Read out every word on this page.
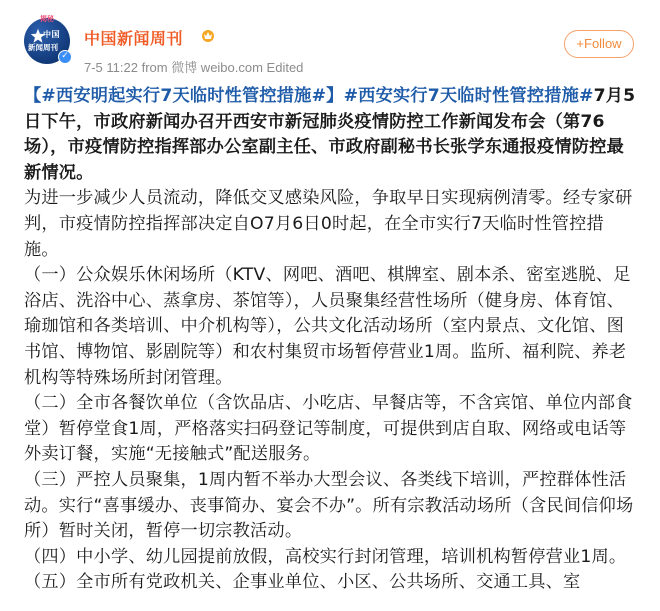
中国
新闻周刊
揭秘
✓
中国新闻周刊
7-5 11:22 from 微博 weibo.com Edited
+Follow

【#西安明起实行7天临时性管控措施#】#西安实行7天临时性管控措施#7月5日下午，市政府新闻办召开西安市新冠肺炎疫情防控工作新闻发布会（第76场），市疫情防控指挥部办公室副主任、市政府副秘书长张学东通报疫情防控最新情况。

为进一步减少人员流动，降低交叉感染风险，争取早日实现病例清零。经专家研判，市疫情防控指挥部决定自O7月6日0时起，在全市实行7天临时性管控措施。

（一）公众娱乐休闲场所（KTV、网吧、酒吧、棋牌室、剧本杀、密室逃脱、足浴店、洗浴中心、蒸拿房、茶馆等），人员聚集经营性场所（健身房、体育馆、瑜珈馆和各类培训、中介机构等），公共文化活动场所（室内景点、文化馆、图书馆、博物馆、影剧院等）和农村集贸市场暂停营业1周。监所、福利院、养老机构等特殊场所封闭管理。

（二）全市各餐饮单位（含饮品店、小吃店、早餐店等，不含宾馆、单位内部食堂）暂停堂食1周，严格落实扫码登记等制度，可提供到店自取、网络或电话等外卖订餐，实施“无接触式”配送服务。

（三）严控人员聚集，1周内暂不举办大型会议、各类线下培训，严控群体性活动。实行“喜事缓办、丧事简办、宴会不办”。所有宗教活动场所（含民间信仰场所）暂时关闭，暂停一切宗教活动。

（四）中小学、幼儿园提前放假，高校实行封闭管理，培训机构暂停营业1周。

（五）全市所有党政机关、企事业单位、小区、公共场所、交通工具、室
